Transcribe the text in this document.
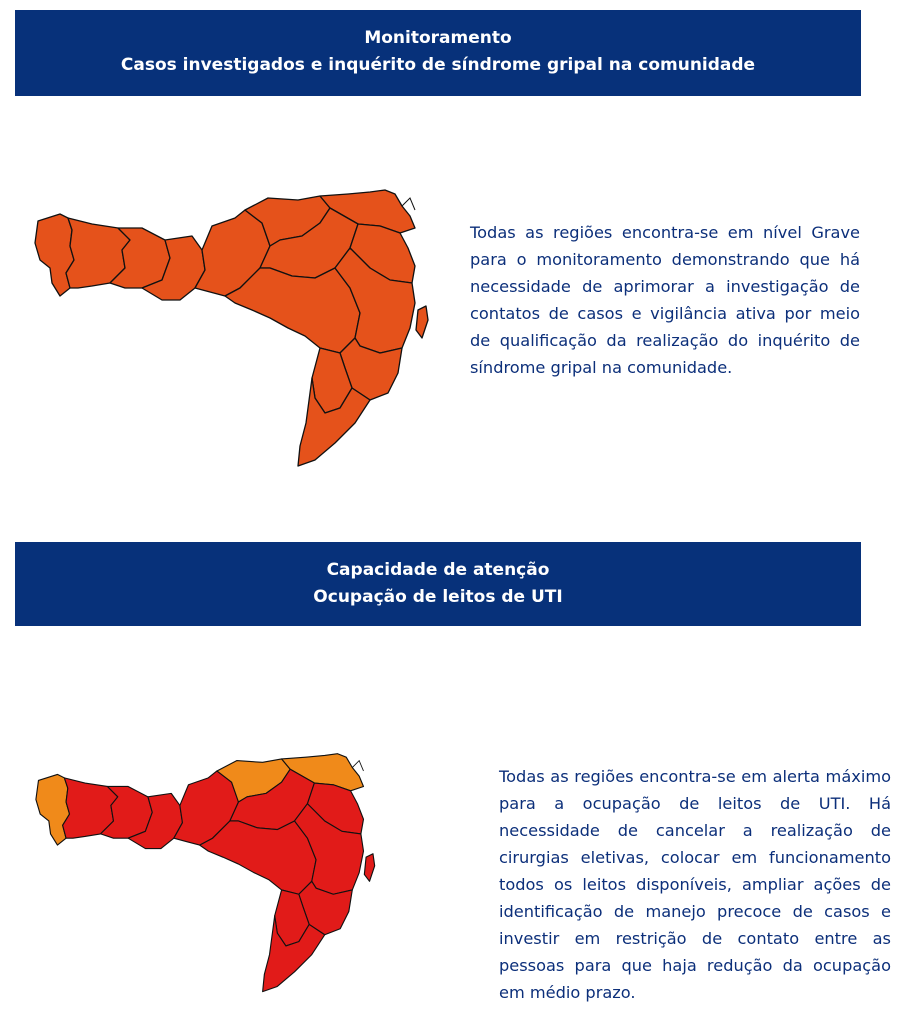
Monitoramento
Casos investigados e inquérito de síndrome gripal na comunidade
Todas as regiões encontra-se em nível Grave para o monitoramento demonstrando que há necessidade de aprimorar a investigação de contatos de casos e vigilância ativa por meio de qualificação da realização do inquérito de síndrome gripal na comunidade.
Capacidade de atenção
Ocupação de leitos de UTI
Todas as regiões encontra-se em alerta máximo para a ocupação de leitos de UTI. Há necessidade de cancelar a realização de cirurgias eletivas, colocar em funcionamento todos os leitos disponíveis, ampliar ações de identificação de manejo precoce de casos e investir em restrição de contato entre as pessoas para que haja redução da ocupação em médio prazo.
